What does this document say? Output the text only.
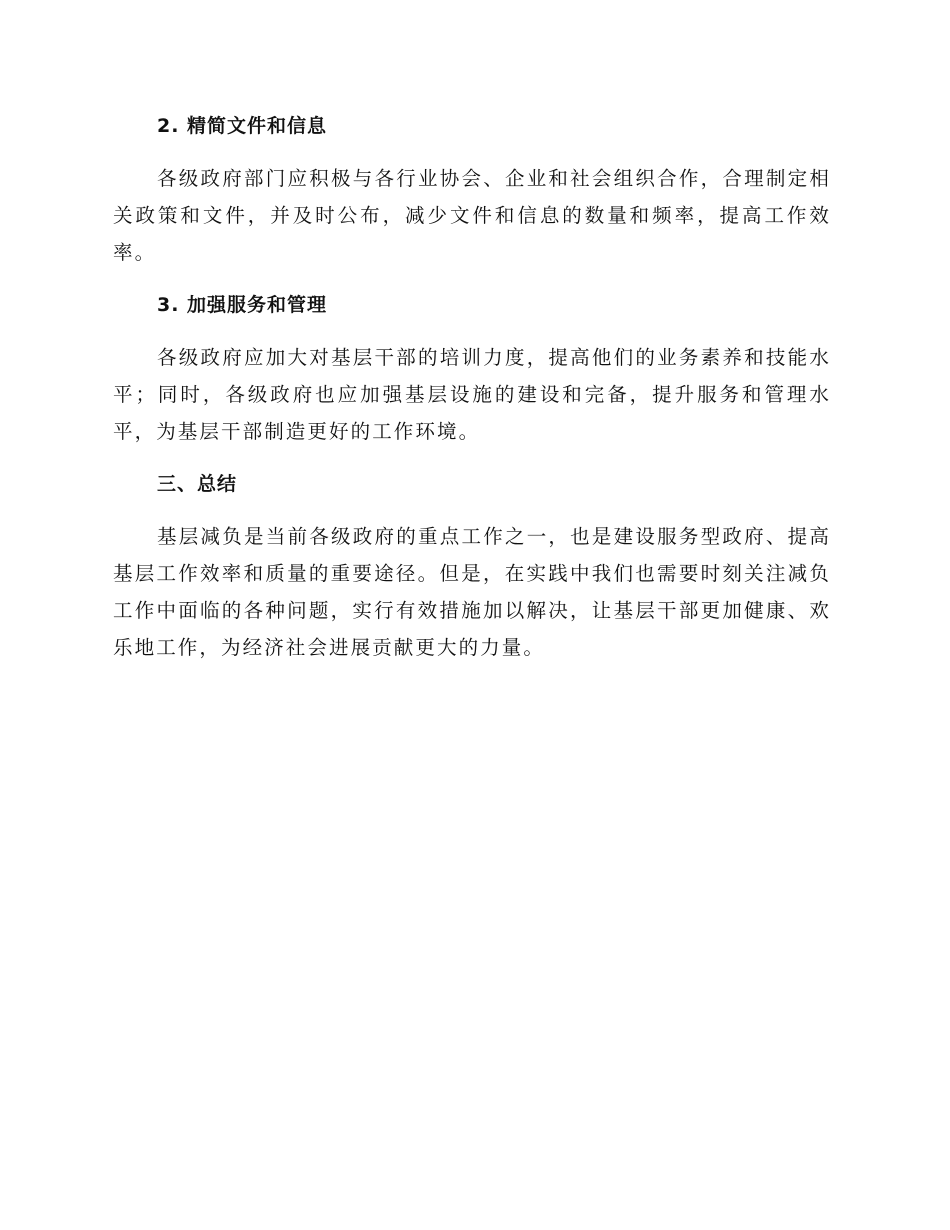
2. 精简文件和信息

各级政府部门应积极与各行业协会、企业和社会组织合作，合理制定相关政策和文件，并及时公布，减少文件和信息的数量和频率，提高工作效率。

3. 加强服务和管理

各级政府应加大对基层干部的培训力度，提高他们的业务素养和技能水平；同时，各级政府也应加强基层设施的建设和完备，提升服务和管理水平，为基层干部制造更好的工作环境。

三、总结

基层减负是当前各级政府的重点工作之一，也是建设服务型政府、提高基层工作效率和质量的重要途径。但是，在实践中我们也需要时刻关注减负工作中面临的各种问题，实行有效措施加以解决，让基层干部更加健康、欢乐地工作，为经济社会进展贡献更大的力量。
